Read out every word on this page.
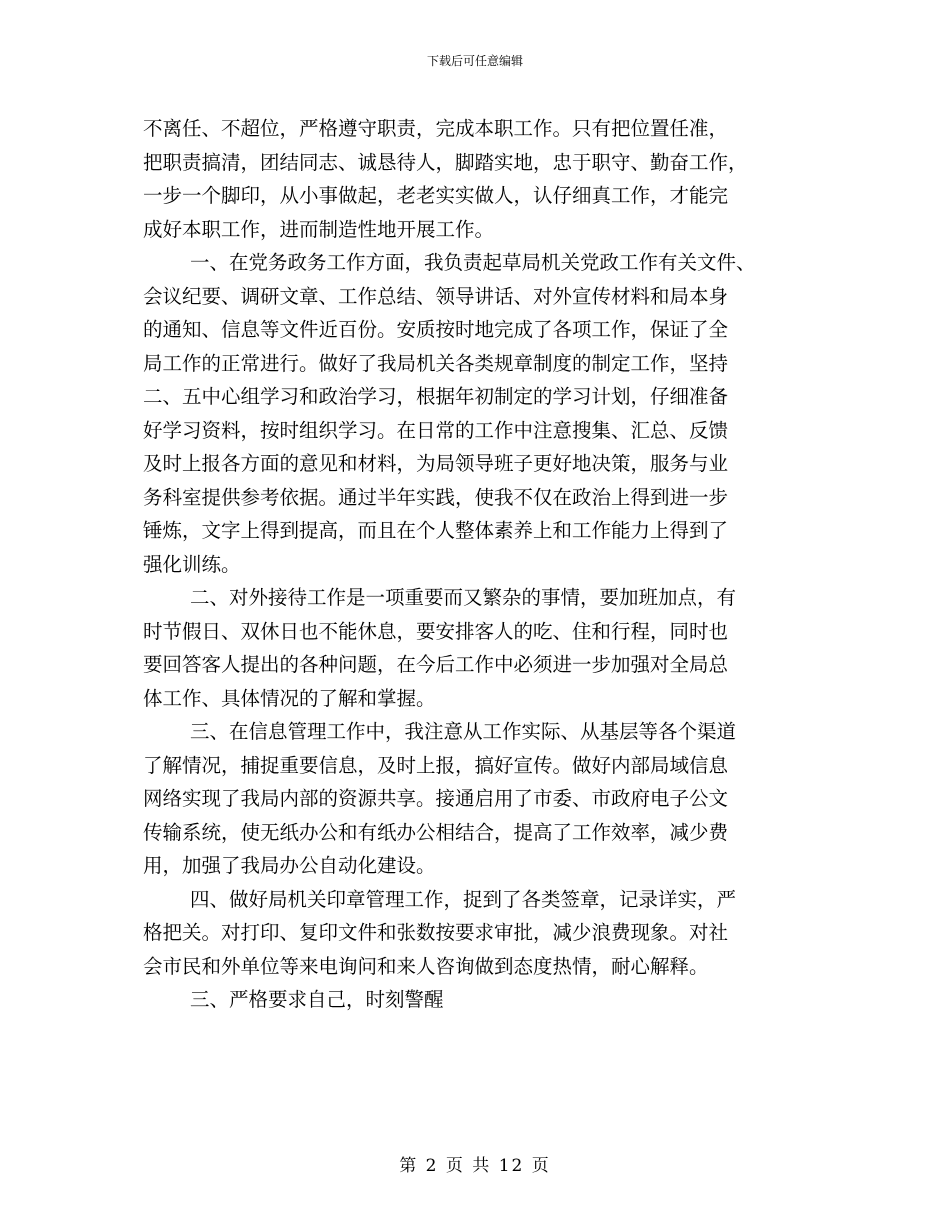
下载后可任意编辑
不离任、不超位，严格遵守职责，完成本职工作。只有把位置任准，
把职责搞清，团结同志、诚恳待人，脚踏实地，忠于职守、勤奋工作，
一步一个脚印，从小事做起，老老实实做人，认仔细真工作，才能完
成好本职工作，进而制造性地开展工作。
一、在党务政务工作方面，我负责起草局机关党政工作有关文件、
会议纪要、调研文章、工作总结、领导讲话、对外宣传材料和局本身
的通知、信息等文件近百份。安质按时地完成了各项工作，保证了全
局工作的正常进行。做好了我局机关各类规章制度的制定工作，坚持
二、五中心组学习和政治学习，根据年初制定的学习计划，仔细准备
好学习资料，按时组织学习。在日常的工作中注意搜集、汇总、反馈
及时上报各方面的意见和材料，为局领导班子更好地决策，服务与业
务科室提供参考依据。通过半年实践，使我不仅在政治上得到进一步
锤炼，文字上得到提高，而且在个人整体素养上和工作能力上得到了
强化训练。
二、对外接待工作是一项重要而又繁杂的事情，要加班加点，有
时节假日、双休日也不能休息，要安排客人的吃、住和行程，同时也
要回答客人提出的各种问题，在今后工作中必须进一步加强对全局总
体工作、具体情况的了解和掌握。
三、在信息管理工作中，我注意从工作实际、从基层等各个渠道
了解情况，捕捉重要信息，及时上报，搞好宣传。做好内部局域信息
网络实现了我局内部的资源共享。接通启用了市委、市政府电子公文
传输系统，使无纸办公和有纸办公相结合，提高了工作效率，减少费
用，加强了我局办公自动化建设。
四、做好局机关印章管理工作，捉到了各类签章，记录详实，严
格把关。对打印、复印文件和张数按要求审批，减少浪费现象。对社
会市民和外单位等来电询问和来人咨询做到态度热情，耐心解释。
三、严格要求自己，时刻警醒
第 2 页 共 12 页
